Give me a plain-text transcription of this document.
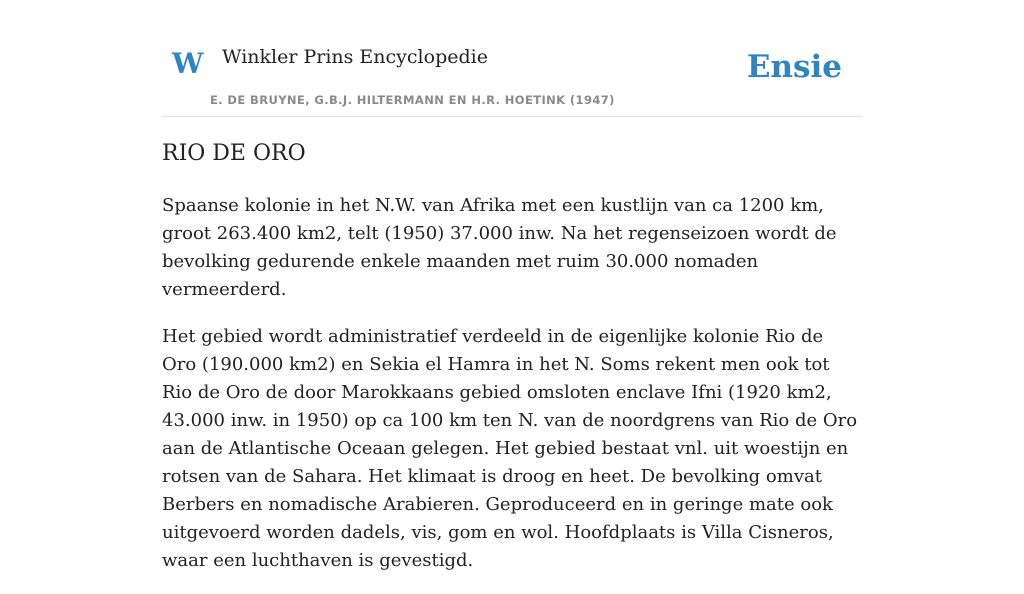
W Winkler Prins Encyclopedie
E. DE BRUYNE, G.B.J. HILTERMANN EN H.R. HOETINK (1947)
Ensie
RIO DE ORO

Spaanse kolonie in het N.W. van Afrika met een kustlijn van ca 1200 km, groot 263.400 km2, telt (1950) 37.000 inw. Na het regenseizoen wordt de bevolking gedurende enkele maanden met ruim 30.000 nomaden vermeerderd.

Het gebied wordt administratief verdeeld in de eigenlijke kolonie Rio de Oro (190.000 km2) en Sekia el Hamra in het N. Soms rekent men ook tot Rio de Oro de door Marokkaans gebied omsloten enclave Ifni (1920 km2, 43.000 inw. in 1950) op ca 100 km ten N. van de noordgrens van Rio de Oro aan de Atlantische Oceaan gelegen. Het gebied bestaat vnl. uit woestijn en rotsen van de Sahara. Het klimaat is droog en heet. De bevolking omvat Berbers en nomadische Arabieren. Geproduceerd en in geringe mate ook uitgevoerd worden dadels, vis, gom en wol. Hoofdplaats is Villa Cisneros, waar een luchthaven is gevestigd.
